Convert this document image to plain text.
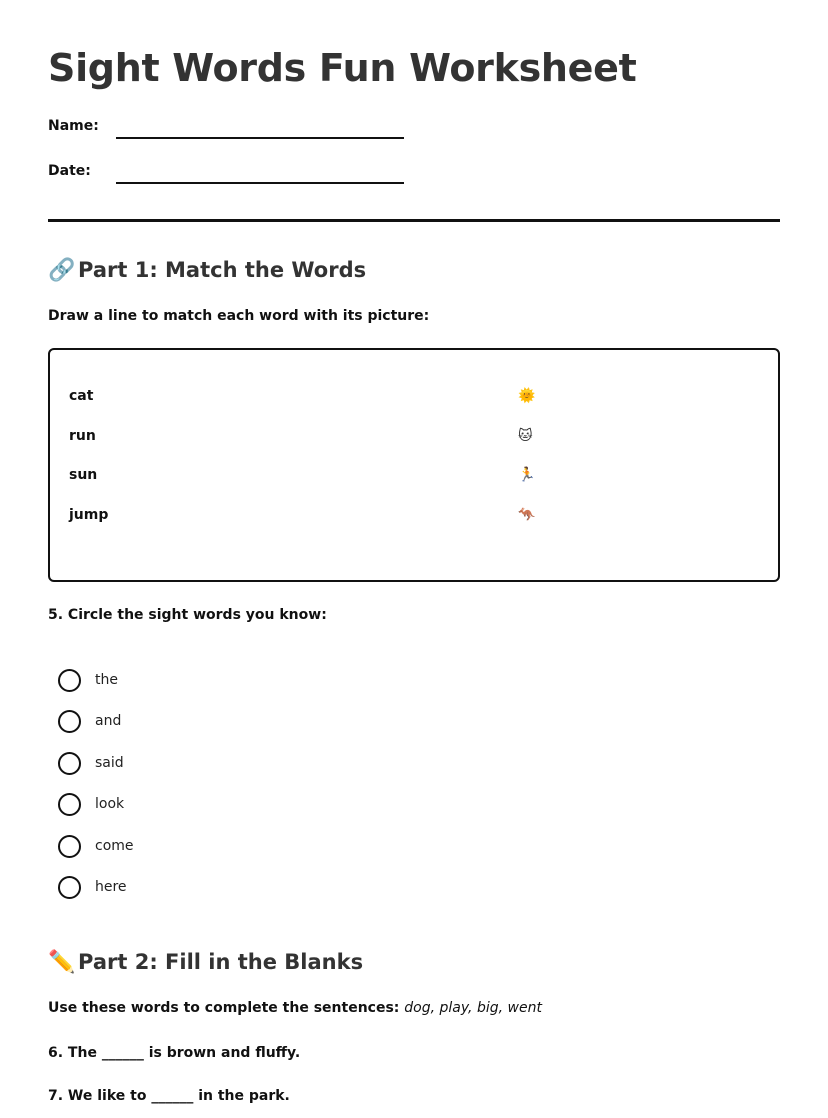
Sight Words Fun Worksheet
Name:
Date:
🔗 Part 1: Match the Words
Draw a line to match each word with its picture:
cat
run
sun
jump
🌞
🐱
🏃
🦘
5. Circle the sight words you know:
the
and
said
look
come
here
✏️ Part 2: Fill in the Blanks
Use these words to complete the sentences: dog, play, big, went
6. The ______ is brown and fluffy.
7. We like to ______ in the park.
